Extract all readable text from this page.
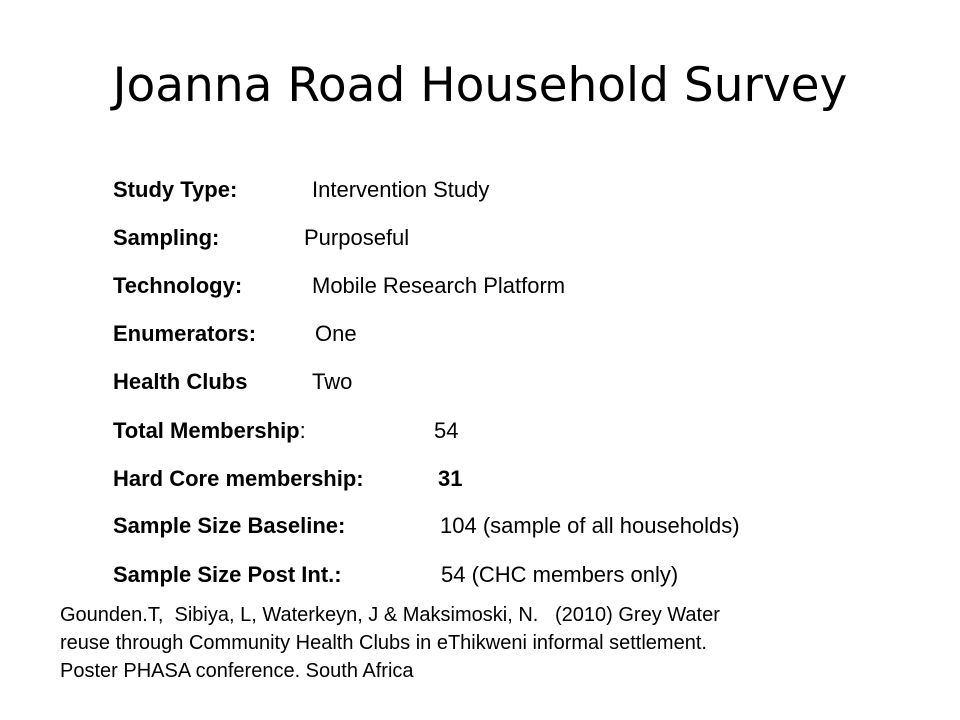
Joanna Road Household Survey
Study Type:	Intervention Study
Sampling:	Purposeful
Technology:	Mobile Research Platform
Enumerators:	One
Health Clubs	Two
Total Membership:	54
Hard Core membership:	31
Sample Size Baseline:	104 (sample of all households)
Sample Size Post Int.:	54 (CHC members only)
Gounden.T,  Sibiya, L, Waterkeyn, J & Maksimoski, N.   (2010) Grey Water
reuse through Community Health Clubs in eThikweni informal settlement.
Poster PHASA conference. South Africa
